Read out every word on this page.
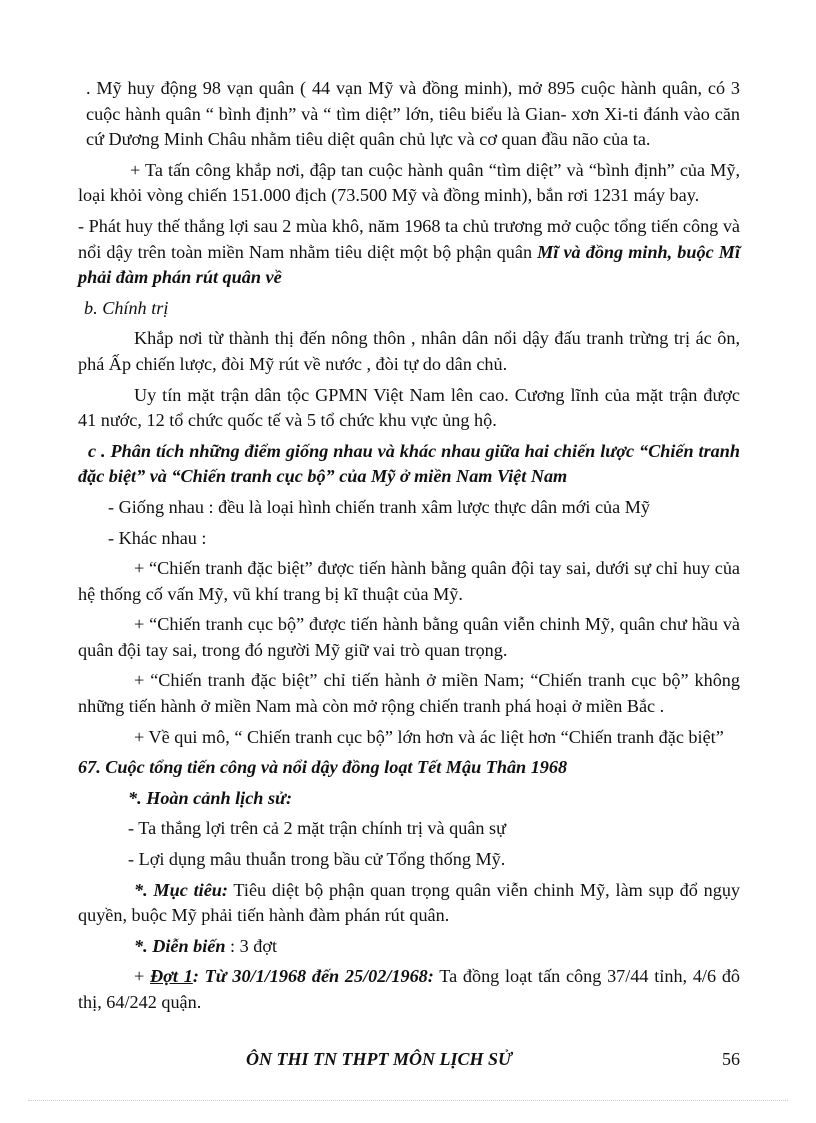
. Mỹ huy động 98 vạn quân ( 44 vạn Mỹ và đồng minh), mở 895 cuộc hành quân, có 3 cuộc hành quân “ bình định” và “ tìm diệt” lớn, tiêu biểu là Gian- xơn Xi-ti đánh vào căn cứ Dương Minh Châu nhằm tiêu diệt quân chủ lực và cơ quan đầu não của ta.

+ Ta tấn công khắp nơi, đập tan cuộc hành quân “tìm diệt” và “bình định” của Mỹ, loại khỏi vòng chiến 151.000 địch (73.500 Mỹ và đồng minh), bắn rơi 1231 máy bay.

- Phát huy thế thắng lợi sau 2 mùa khô, năm 1968 ta chủ trương mở cuộc tổng tiến công và nổi dậy trên toàn miền Nam nhằm tiêu diệt một bộ phận quân Mĩ và đồng minh, buộc Mĩ phải đàm phán rút quân về

b. Chính trị

Khắp nơi từ thành thị đến nông thôn , nhân dân nổi dậy đấu tranh trừng trị ác ôn, phá Ấp chiến lược, đòi Mỹ rút về nước , đòi tự do dân chủ.

Uy tín mặt trận dân tộc GPMN Việt Nam lên cao. Cương lĩnh của mặt trận được 41 nước, 12 tổ chức quốc tế và 5 tổ chức khu vực ủng hộ.

c . Phân tích những điểm giống nhau và khác nhau giữa hai chiến lược “Chiến tranh đặc biệt” và “Chiến tranh cục bộ” của Mỹ ở miền Nam Việt Nam

- Giống nhau : đều là loại hình chiến tranh xâm lược thực dân mới của Mỹ

- Khác nhau :

+ “Chiến tranh đặc biệt” được tiến hành bằng quân đội tay sai, dưới sự chỉ huy của hệ thống cố vấn Mỹ, vũ khí trang bị kĩ thuật của Mỹ.

+ “Chiến tranh cục bộ” được tiến hành bằng quân viễn chinh Mỹ, quân chư hầu và quân đội tay sai, trong đó người Mỹ giữ vai trò quan trọng.

+ “Chiến tranh đặc biệt” chỉ tiến hành ở miền Nam; “Chiến tranh cục bộ” không những tiến hành ở miền Nam mà còn mở rộng chiến tranh phá hoại ở miền Bắc .

+ Về qui mô, “ Chiến tranh cục bộ” lớn hơn và ác liệt hơn “Chiến tranh đặc biệt”

67. Cuộc tổng tiến công và nổi dậy đồng loạt Tết Mậu Thân 1968

*. Hoàn cảnh lịch sử:

- Ta thắng lợi trên cả 2 mặt trận chính trị và quân sự

- Lợi dụng mâu thuẫn trong bầu cử Tổng thống Mỹ.

*. Mục tiêu: Tiêu diệt bộ phận quan trọng quân viễn chinh Mỹ, làm sụp đổ ngụy quyền, buộc Mỹ phải tiến hành đàm phán rút quân.

*. Diễn biến : 3 đợt

+ Đợt 1: Từ 30/1/1968 đến 25/02/1968: Ta đồng loạt tấn công 37/44 tỉnh, 4/6 đô thị, 64/242 quận.

ÔN THI TN THPT MÔN LỊCH SỬ	56
